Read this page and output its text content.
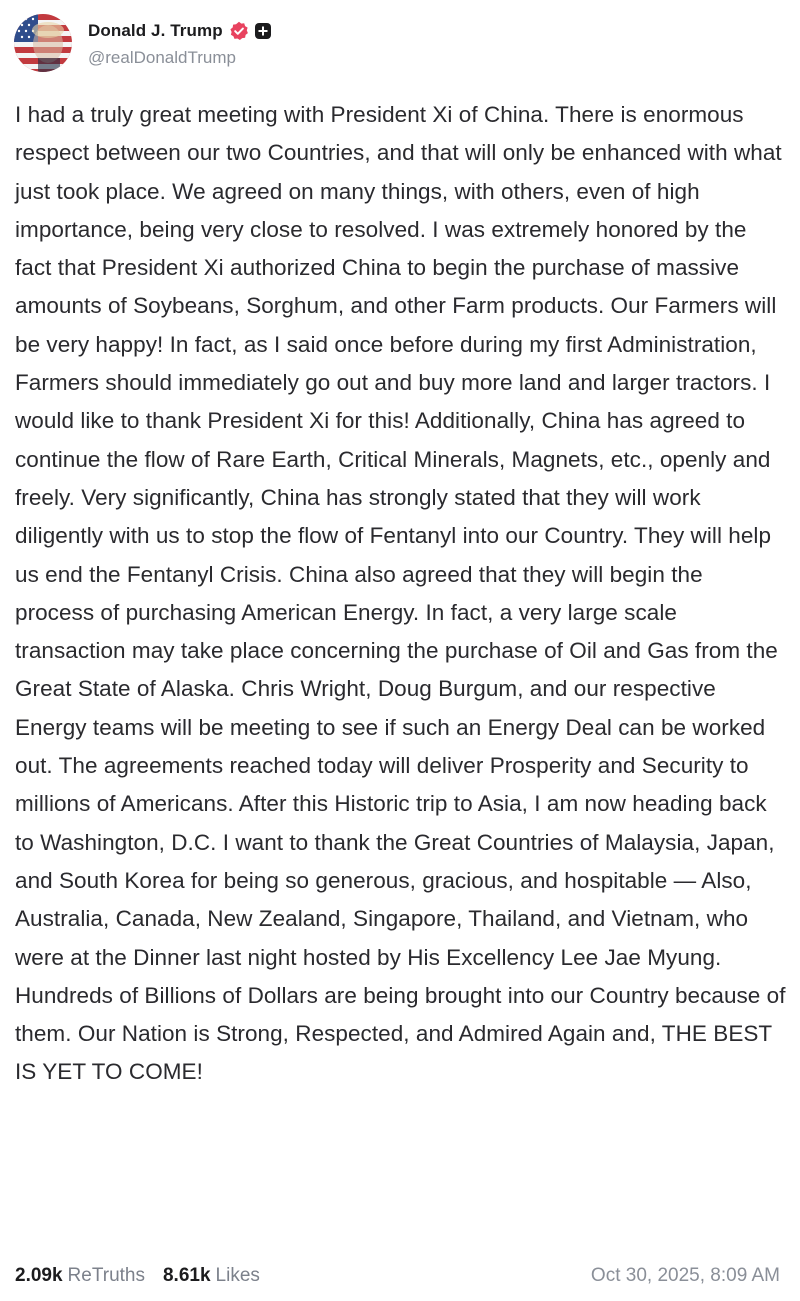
Donald J. Trump
@realDonaldTrump
I had a truly great meeting with President Xi of China. There is enormous respect between our two Countries, and that will only be enhanced with what just took place. We agreed on many things, with others, even of high importance, being very close to resolved. I was extremely honored by the fact that President Xi authorized China to begin the purchase of massive amounts of Soybeans, Sorghum, and other Farm products. Our Farmers will be very happy! In fact, as I said once before during my first Administration, Farmers should immediately go out and buy more land and larger tractors. I would like to thank President Xi for this! Additionally, China has agreed to continue the flow of Rare Earth, Critical Minerals, Magnets, etc., openly and freely. Very significantly, China has strongly stated that they will work diligently with us to stop the flow of Fentanyl into our Country. They will help us end the Fentanyl Crisis. China also agreed that they will begin the process of purchasing American Energy. In fact, a very large scale transaction may take place concerning the purchase of Oil and Gas from the Great State of Alaska. Chris Wright, Doug Burgum, and our respective Energy teams will be meeting to see if such an Energy Deal can be worked out. The agreements reached today will deliver Prosperity and Security to millions of Americans. After this Historic trip to Asia, I am now heading back to Washington, D.C. I want to thank the Great Countries of Malaysia, Japan, and South Korea for being so generous, gracious, and hospitable — Also, Australia, Canada, New Zealand, Singapore, Thailand, and Vietnam, who were at the Dinner last night hosted by His Excellency Lee Jae Myung. Hundreds of Billions of Dollars are being brought into our Country because of them. Our Nation is Strong, Respected, and Admired Again and, THE BEST IS YET TO COME!
2.09k ReTruths 8.61k Likes	Oct 30, 2025, 8:09 AM
